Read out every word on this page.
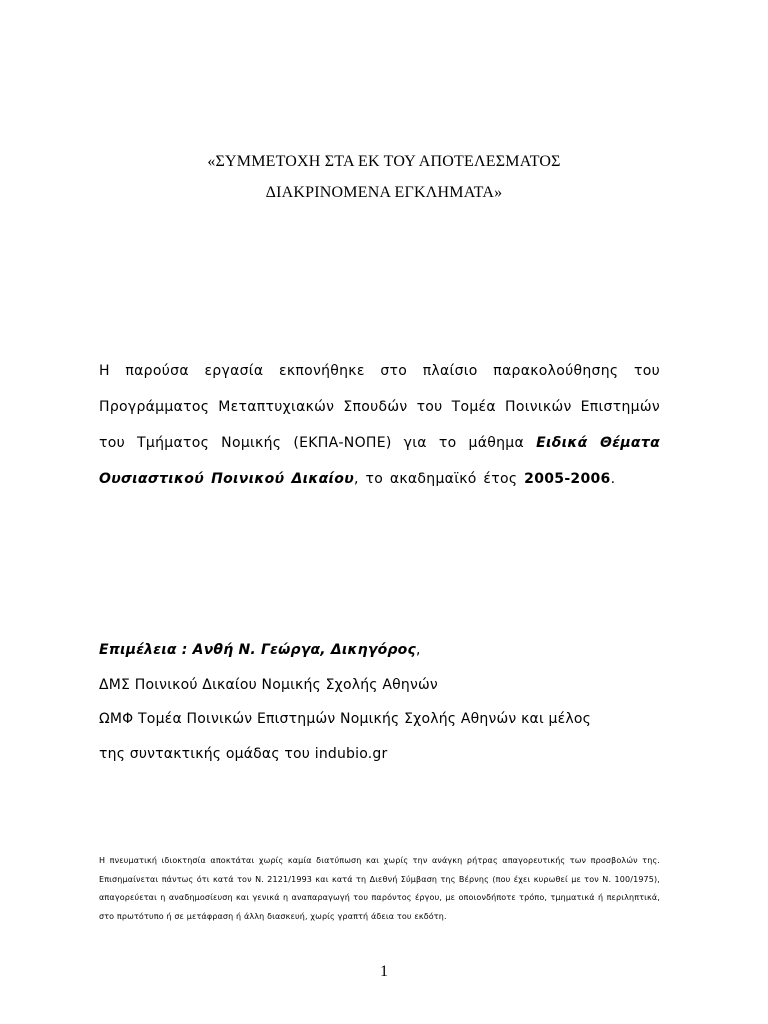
«ΣΥΜΜΕΤΟΧΗ ΣΤΑ ΕΚ ΤΟΥ ΑΠΟΤΕΛΕΣΜΑΤΟΣ
ΔΙΑΚΡΙΝΟΜΕΝΑ ΕΓΚΛΗΜΑΤΑ»
Η παρούσα εργασία εκπονήθηκε στο πλαίσιο παρακολούθησης του Προγράμματος Μεταπτυχιακών Σπουδών του Τομέα Ποινικών Επιστημών του Τμήματος Νομικής (ΕΚΠΑ-ΝΟΠΕ) για το μάθημα Ειδικά Θέματα Ουσιαστικού Ποινικού Δικαίου, το ακαδημαϊκό έτος 2005-2006.
Επιμέλεια : Ανθή Ν. Γεώργα, Δικηγόρος,
ΔΜΣ Ποινικού Δικαίου Νομικής Σχολής Αθηνών
ΩΜΦ Τομέα Ποινικών Επιστημών Νομικής Σχολής Αθηνών και μέλος
της συντακτικής ομάδας του indubio.gr
Η πνευματική ιδιοκτησία αποκτάται χωρίς καμία διατύπωση και χωρίς την ανάγκη ρήτρας απαγορευτικής των προσβολών της. Επισημαίνεται πάντως ότι κατά τον Ν. 2121/1993 και κατά τη Διεθνή Σύμβαση της Βέρνης (που έχει κυρωθεί με τον Ν. 100/1975), απαγορεύεται η αναδημοσίευση και γενικά η αναπαραγωγή του παρόντος έργου, με οποιονδήποτε τρόπο, τμηματικά ή περιληπτικά, στο πρωτότυπο ή σε μετάφραση ή άλλη διασκευή, χωρίς γραπτή άδεια του εκδότη.
1
